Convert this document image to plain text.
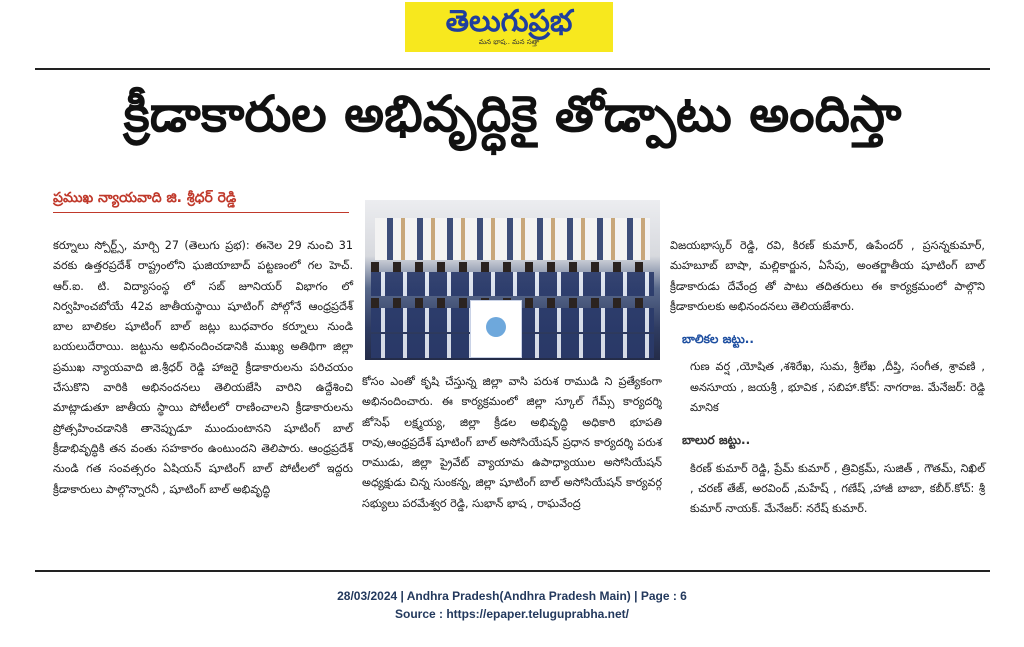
తెలుగుప్రభ
మన భాష.. మన సత్తా
క్రీడాకారుల అభివృద్ధికై తోడ్పాటు అందిస్తా
ప్రముఖ న్యాయవాది జి. శ్రీధర్ రెడ్డి

కర్నూలు స్పోర్ట్స్, మార్చి 27 (తెలుగు ప్రభ): ఈనెల 29 నుంచి 31 వరకు ఉత్తరప్రదేశ్ రాష్ట్రంలోని ఘజియాబాద్ పట్టణంలో గల హెచ్. ఆర్.ఐ. టి. విద్యాసంస్థ లో సబ్ జూనియర్ విభాగం లో నిర్వహించబోయే 42వ జాతీయస్థాయి షూటింగ్ పోల్గోనే ఆంధ్రప్రదేశ్ బాల బాలికల షూటింగ్ బాల్ జట్లు బుధవారం కర్నూలు నుండి బయలుదేరాయి. జట్టును అభినందించడానికి ముఖ్య అతిథిగా జిల్లా ప్రముఖ న్యాయవాది జి.శ్రీధర్ రెడ్డి హాజరై క్రీడాకారులను పరిచయం చేసుకొని వారికి అభినందనలు తెలియజేసి వారిని ఉద్దేశించి మాట్లాడుతూ జాతీయ స్థాయి పోటీలలో రాణించాలని క్రీడాకారులను ప్రోత్సహించడానికి తానెప్పుడూ ముందుంటానని షూటింగ్ బాల్ క్రీడాభివృద్ధికి తన వంతు సహకారం ఉంటుందని తెలిపారు. ఆంధ్రప్రదేశ్ నుండి గత సంవత్సరం ఏషియన్ షూటింగ్ బాల్ పోటీలలో ఇద్దరు క్రీడాకారులు పాల్గొన్నారనీ , షూటింగ్ బాల్ అభివృద్ధి

కోసం ఎంతో కృషి చేస్తున్న జిల్లా వాసి పరుశ రాముడి ని ప్రత్యేకంగా అభినందించారు. ఈ కార్యక్రమంలో జిల్లా స్కూల్ గేమ్స్ కార్యదర్శి జోసెఫ్ లక్ష్మయ్య, జిల్లా క్రీడల అభివృద్ధి అధికారి భూపతి రావు,ఆంధ్రప్రదేశ్ షూటింగ్ బాల్ అసోసియేషన్ ప్రధాన కార్యదర్శి పరుశ రాముడు, జిల్లా ప్రైవేట్ వ్యాయామ ఉపాధ్యాయుల అసోసియేషన్ అధ్యక్షుడు చిన్న సుంకన్న, జిల్లా షూటింగ్ బాల్ అసోసియేషన్ కార్యవర్గ సభ్యులు పరమేశ్వర రెడ్డి, సుభాన్ భాష , రాఘవేంద్ర

విజయభాస్కర్ రెడ్డి, రవి, కిరణ్ కుమార్, ఉపేందర్ , ప్రసన్నకుమార్, మహబూబ్ బాషా, మల్లికార్జున, ఏసేపు, అంతర్జాతీయ షూటింగ్ బాల్ క్రీడాకారుడు దేవేంద్ర తో పాటు తదితరులు ఈ కార్యక్రమంలో పాల్గొని క్రీడాకారులకు అభినందనలు తెలియజేశారు.

బాలికల జట్టు..

గుణ వర్ష ,యోషిత ,శశిరేఖ, సుమ, శ్రీలేఖ ,దీప్తి, సంగీత, శ్రావణి , అనసూయ , జయశ్రీ , భూవిక , సబిహా.కోచ్: నాగరాజ. మేనేజర్: రెడ్డి మానిక

బాలుర జట్టు..

కిరణ్ కుమార్ రెడ్డి, ప్రేమ్ కుమార్ , త్రివిక్రమ్, సుజిత్ , గౌతమ్, నిఖిల్ , చరణ్ తేజ్, అరవింద్ ,మహేష్ , గణేష్ ,హాజీ బాబా, కబీర్.కోచ్: శ్రీ కుమార్ నాయక్. మేనేజర్: నరేష్ కుమార్.

28/03/2024 | Andhra Pradesh(Andhra Pradesh Main) | Page : 6
Source : https://epaper.teluguprabha.net/
